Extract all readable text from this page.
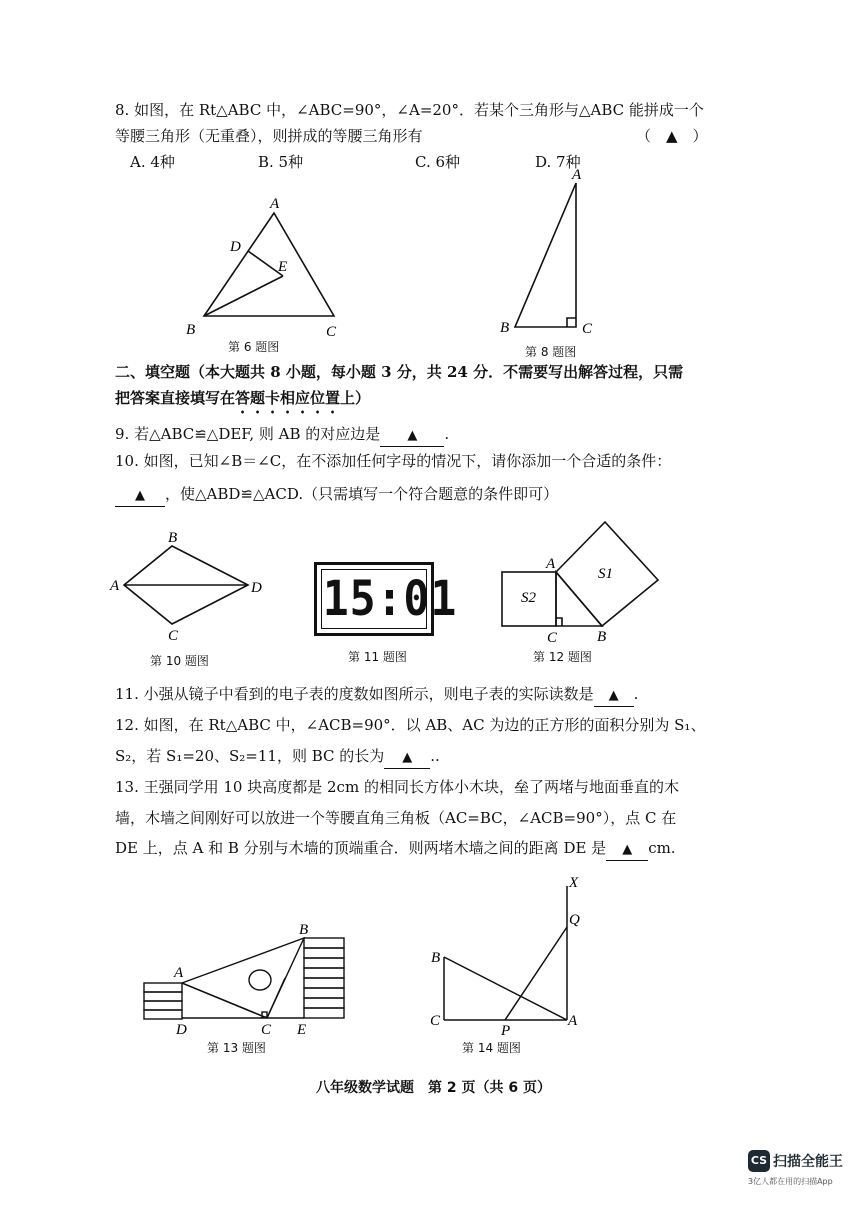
8. 如图，在 Rt△ABC 中，∠ABC=90°，∠A=20°．若某个三角形与△ABC 能拼成一个
等腰三角形（无重叠），则拼成的等腰三角形有	（　▲　）
A. 4种	B. 5种	C. 6种	D. 7种
A
D
E
B	C
第 6 题图
A
B	C
第 8 题图
二、填空题（本大题共 8 小题，每小题 3 分，共 24 分．不需要写出解答过程，只需
把答案直接填写在答题卡相应位置上）
9. 若△ABC≌△DEF, 则 AB 的对应边是 ▲ .
10. 如图，已知∠B＝∠C，在不添加任何字母的情况下，请你添加一个合适的条件：
▲ ，使△ABD≌△ACD.（只需填写一个符合题意的条件即可）
B
A	D
C
第 10 题图
15:01
第 11 题图
A
S1
S2
C	B
第 12 题图
11. 小强从镜子中看到的电子表的度数如图所示，则电子表的实际读数是 ▲ .
12. 如图，在 Rt△ABC 中，∠ACB=90°．以 AB、AC 为边的正方形的面积分别为 S₁、
S₂，若 S₁=20、S₂=11，则 BC 的长为 ▲ ..
13. 王强同学用 10 块高度都是 2cm 的相同长方体小木块，垒了两堵与地面垂直的木
墙，木墙之间刚好可以放进一个等腰直角三角板（AC=BC，∠ACB=90°），点 C 在
DE 上，点 A 和 B 分别与木墙的顶端重合．则两堵木墙之间的距离 DE 是 ▲ cm.
B
A
D	C E
第 13 题图
X
Q
B
C
P
A
第 14 题图
八年级数学试题　第 2 页（共 6 页）
CS 扫描全能王
3亿人都在用的扫描App
